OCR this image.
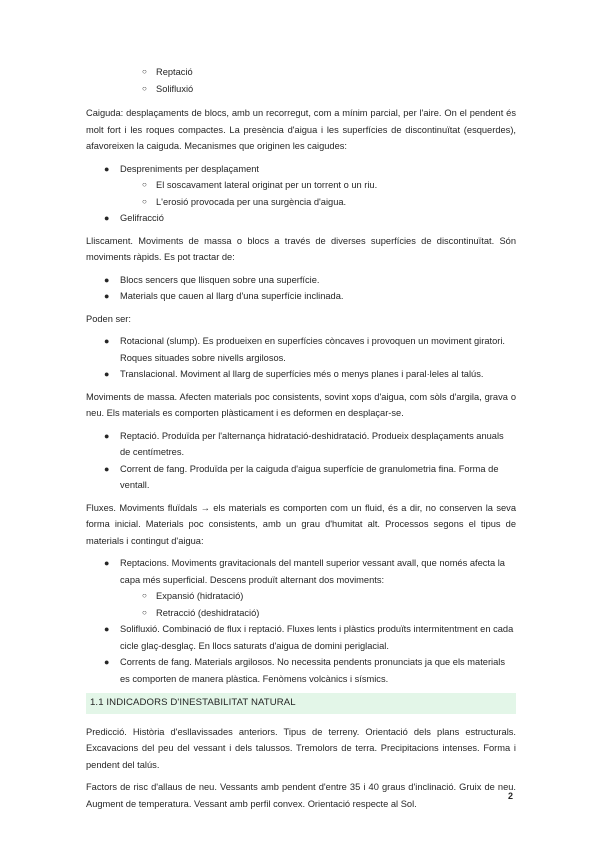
○ Reptació
○ Solifluxió

Caiguda: desplaçaments de blocs, amb un recorregut, com a mínim parcial, per l'aire. On el pendent és molt fort i les roques compactes. La presència d'aigua i les superfícies de discontinuïtat (esquerdes), afavoreixen la caiguda. Mecanismes que originen les caigudes:

● Despreniments per desplaçament
○ El soscavament lateral originat per un torrent o un riu.
○ L'erosió provocada per una surgència d'aigua.
● Gelifracció

Lliscament. Moviments de massa o blocs a través de diverses superfícies de discontinuïtat. Són moviments ràpids. Es pot tractar de:

● Blocs sencers que llisquen sobre una superfície.
● Materials que cauen al llarg d'una superfície inclinada.

Poden ser:

● Rotacional (slump). Es produeixen en superfícies còncaves i provoquen un moviment giratori. Roques situades sobre nivells argilosos.
● Translacional. Moviment al llarg de superfícies més o menys planes i paral·leles al talús.

Moviments de massa. Afecten materials poc consistents, sovint xops d'aigua, com sòls d'argila, grava o neu. Els materials es comporten plàsticament i es deformen en desplaçar-se.

● Reptació. Produïda per l'alternança hidratació-deshidratació. Produeix desplaçaments anuals de centímetres.
● Corrent de fang. Produïda per la caiguda d'aigua superfície de granulometria fina. Forma de ventall.

Fluxes. Moviments fluïdals → els materials es comporten com un fluid, és a dir, no conserven la seva forma inicial. Materials poc consistents, amb un grau d'humitat alt. Processos segons el tipus de materials i contingut d'aigua:

● Reptacions. Moviments gravitacionals del mantell superior vessant avall, que només afecta la capa més superficial. Descens produït alternant dos moviments:
○ Expansió (hidratació)
○ Retracció (deshidratació)
● Solifluxió. Combinació de flux i reptació. Fluxes lents i plàstics produïts intermitentment en cada cicle glaç-desglaç. En llocs saturats d'aigua de domini periglacial.
● Corrents de fang. Materials argilosos. No necessita pendents pronunciats ja que els materials es comporten de manera plàstica. Fenòmens volcànics i sísmics.
1.1 INDICADORS D'INESTABILITAT NATURAL

Predicció. Història d'esllavissades anteriors. Tipus de terreny. Orientació dels plans estructurals. Excavacions del peu del vessant i dels talussos. Tremolors de terra. Precipitacions intenses. Forma i pendent del talús.

Factors de risc d'allaus de neu. Vessants amb pendent d'entre 35 i 40 graus d'inclinació. Gruix de neu. Augment de temperatura. Vessant amb perfil convex. Orientació respecte al Sol.

2
